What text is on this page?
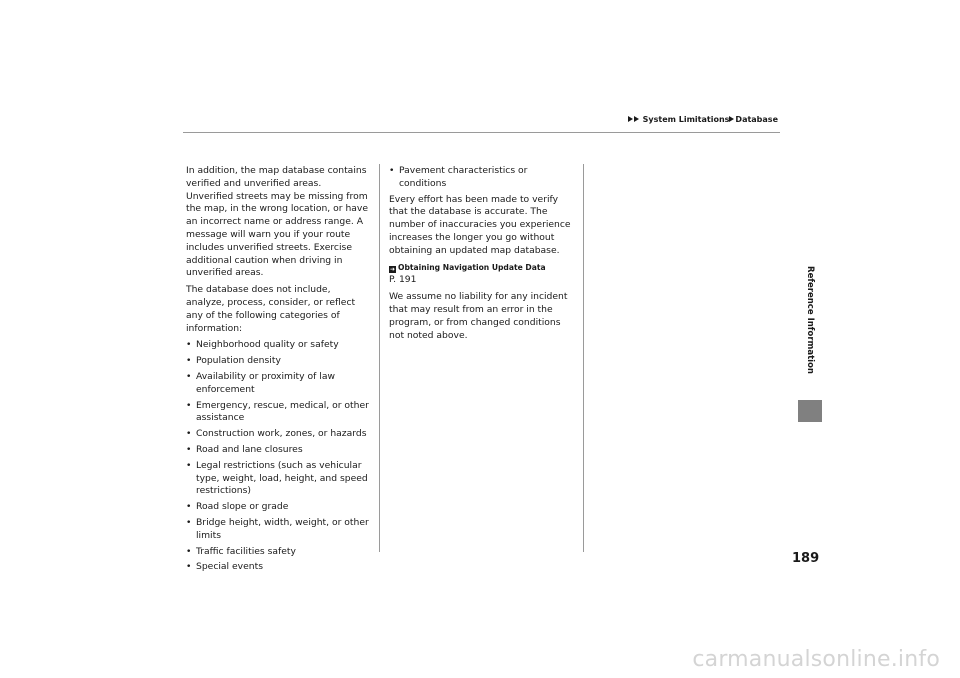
System Limitations Database

In addition, the map database contains verified and unverified areas. Unverified streets may be missing from the map, in the wrong location, or have an incorrect name or address range. A message will warn you if your route includes unverified streets. Exercise additional caution when driving in unverified areas.

The database does not include, analyze, process, consider, or reflect any of the following categories of information:

• Neighborhood quality or safety
• Population density
• Availability or proximity of law enforcement
• Emergency, rescue, medical, or other assistance
• Construction work, zones, or hazards
• Road and lane closures
• Legal restrictions (such as vehicular type, weight, load, height, and speed restrictions)
• Road slope or grade
• Bridge height, width, weight, or other limits
• Traffic facilities safety
• Special events
• Pavement characteristics or conditions

Every effort has been made to verify that the database is accurate. The number of inaccuracies you experience increases the longer you go without obtaining an updated map database.

➜ Obtaining Navigation Update Data
P. 191

We assume no liability for any incident that may result from an error in the program, or from changed conditions not noted above.	Reference Information
189
carmanualsonline.info
